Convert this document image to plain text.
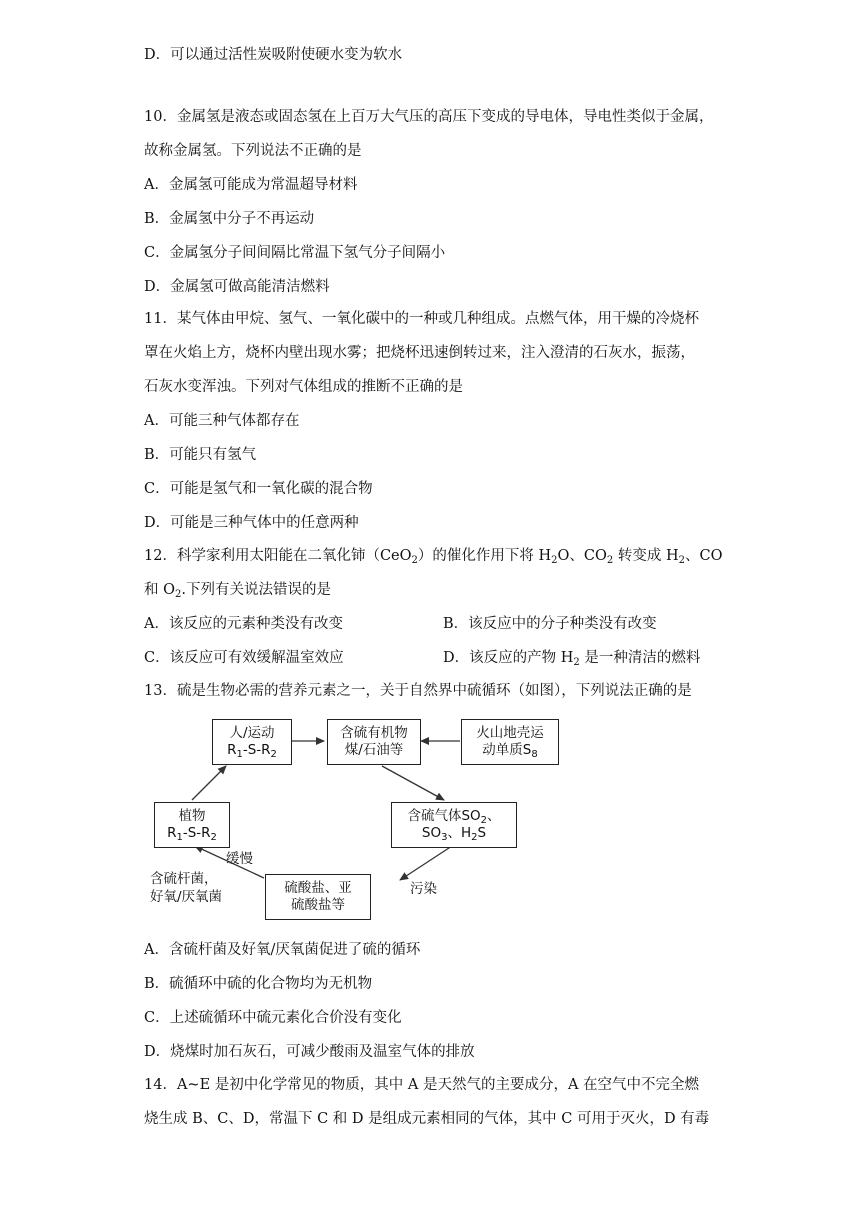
D．可以通过活性炭吸附使硬水变为软水
10．金属氢是液态或固态氢在上百万大气压的高压下变成的导电体，导电性类似于金属，
故称金属氢。下列说法不正确的是
A．金属氢可能成为常温超导材料
B．金属氢中分子不再运动
C．金属氢分子间间隔比常温下氢气分子间隔小
D．金属氢可做高能清洁燃料
11．某气体由甲烷、氢气、一氧化碳中的一种或几种组成。点燃气体，用干燥的冷烧杯
罩在火焰上方，烧杯内壁出现水雾；把烧杯迅速倒转过来，注入澄清的石灰水，振荡，
石灰水变浑浊。下列对气体组成的推断不正确的是
A．可能三种气体都存在
B．可能只有氢气
C．可能是氢气和一氧化碳的混合物
D．可能是三种气体中的任意两种
12．科学家利用太阳能在二氧化铈（CeO$_2$）的催化作用下将 $H_2O$、$CO_2$ 转变成 $H_2$、CO
和 $O_2$.下列有关说法错误的是
A．该反应的元素种类没有改变	B．该反应中的分子种类没有改变
C．该反应可有效缓解温室效应	D．该反应的产物 $H_2$ 是一种清洁的燃料
13．硫是生物必需的营养元素之一，关于自然界中硫循环（如图），下列说法正确的是
人/运动
$R_1-S-R_2$
含硫有机物
煤/石油等
火山地壳运
动单质$S_8$
植物
$R_1-S-R_2$
含硫气体$SO_2$、
$SO_3$、$H_2S$
硫酸盐、亚
硫酸盐等
缓慢
含硫杆菌，
好氧/厌氧菌	污染
A．含硫杆菌及好氧/厌氧菌促进了硫的循环
B．硫循环中硫的化合物均为无机物
C．上述硫循环中硫元素化合价没有变化
D．烧煤时加石灰石，可减少酸雨及温室气体的排放
14．A~E 是初中化学常见的物质，其中 A 是天然气的主要成分，A 在空气中不完全燃
烧生成 B、C、D，常温下 C 和 D 是组成元素相同的气体，其中 C 可用于灭火，D 有毒
